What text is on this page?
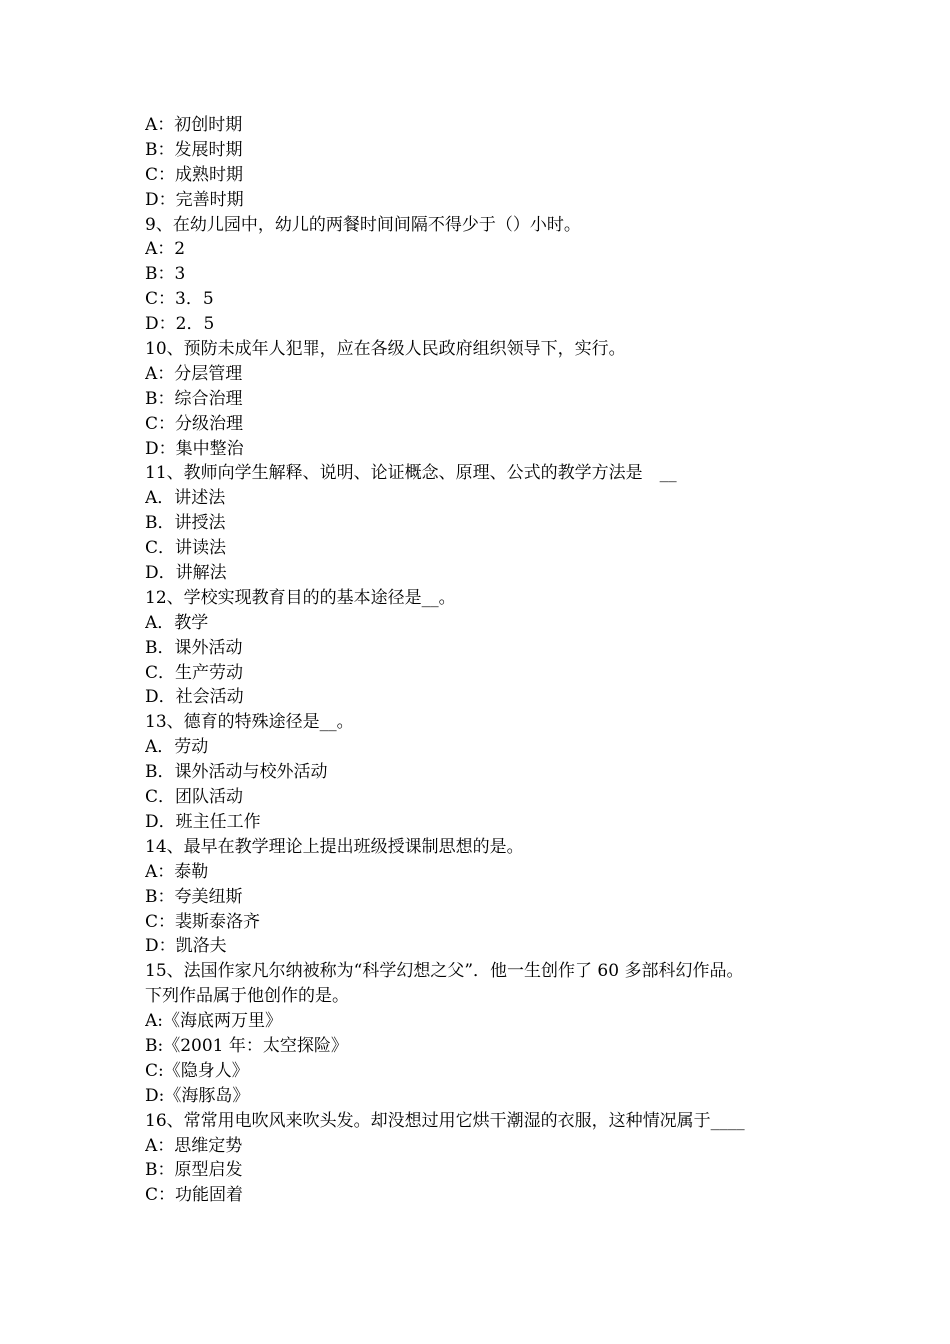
A：初创时期
B：发展时期
C：成熟时期
D：完善时期
9、在幼儿园中，幼儿的两餐时间间隔不得少于（）小时。
A：2
B：3
C：3．5
D：2．5
10、预防未成年人犯罪，应在各级人民政府组织领导下，实行。
A：分层管理
B：综合治理
C：分级治理
D：集中整治
11、教师向学生解释、说明、论证概念、原理、公式的教学方法是　__
A．讲述法
B．讲授法
C．讲读法
D．讲解法
12、学校实现教育目的的基本途径是__。
A．教学
B．课外活动
C．生产劳动
D．社会活动
13、德育的特殊途径是__。
A．劳动
B．课外活动与校外活动
C．团队活动
D．班主任工作
14、最早在教学理论上提出班级授课制思想的是。
A：泰勒
B：夸美纽斯
C：裴斯泰洛齐
D：凯洛夫
15、法国作家凡尔纳被称为“科学幻想之父”．他一生创作了 60 多部科幻作品。
下列作品属于他创作的是。
A:《海底两万里》
B:《2001 年：太空探险》
C:《隐身人》
D:《海豚岛》
16、常常用电吹风来吹头发。却没想过用它烘干潮湿的衣服，这种情况属于____
A：思维定势
B：原型启发
C：功能固着
